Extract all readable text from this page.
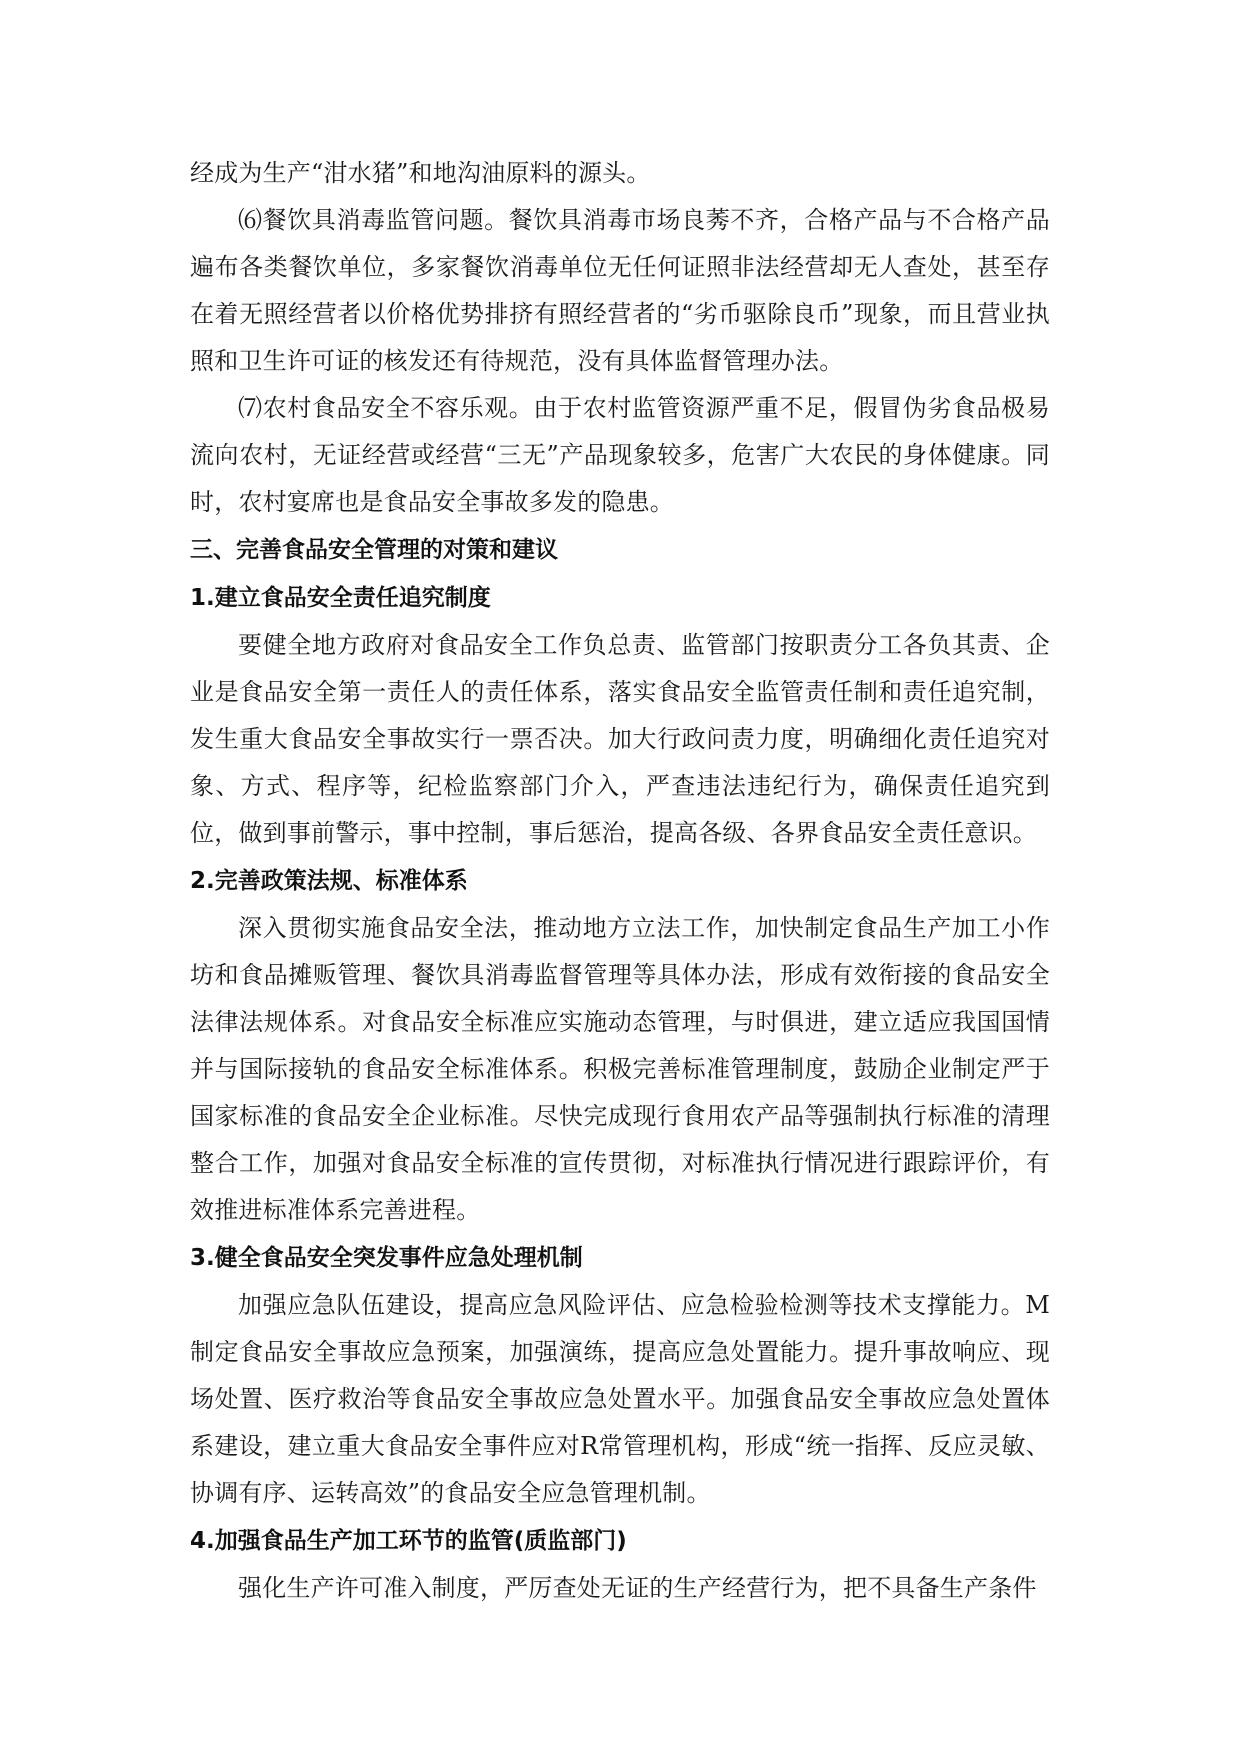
经成为生产“泔水猪”和地沟油原料的源头。

⑹餐饮具消毒监管问题。餐饮具消毒市场良莠不齐，合格产品与不合格产品遍布各类餐饮单位，多家餐饮消毒单位无任何证照非法经营却无人查处，甚至存在着无照经营者以价格优势排挤有照经营者的“劣币驱除良币”现象，而且营业执照和卫生许可证的核发还有待规范，没有具体监督管理办法。

⑺农村食品安全不容乐观。由于农村监管资源严重不足，假冒伪劣食品极易流向农村，无证经营或经营“三无”产品现象较多，危害广大农民的身体健康。同时，农村宴席也是食品安全事故多发的隐患。

三、完善食品安全管理的对策和建议
1.建立食品安全责任追究制度

要健全地方政府对食品安全工作负总责、监管部门按职责分工各负其责、企业是食品安全第一责任人的责任体系，落实食品安全监管责任制和责任追究制，发生重大食品安全事故实行一票否决。加大行政问责力度，明确细化责任追究对象、方式、程序等，纪检监察部门介入，严查违法违纪行为，确保责任追究到位，做到事前警示，事中控制，事后惩治，提高各级、各界食品安全责任意识。

2.完善政策法规、标准体系

深入贯彻实施食品安全法，推动地方立法工作，加快制定食品生产加工小作坊和食品摊贩管理、餐饮具消毒监督管理等具体办法，形成有效衔接的食品安全法律法规体系。对食品安全标准应实施动态管理，与时俱进，建立适应我国国情并与国际接轨的食品安全标准体系。积极完善标准管理制度，鼓励企业制定严于国家标准的食品安全企业标准。尽快完成现行食用农产品等强制执行标准的清理整合工作，加强对食品安全标准的宣传贯彻，对标准执行情况进行跟踪评价，有效推进标准体系完善进程。

3.健全食品安全突发事件应急处理机制

加强应急队伍建设，提高应急风险评估、应急检验检测等技术支撑能力。M制定食品安全事故应急预案，加强演练，提高应急处置能力。提升事故响应、现场处置、医疗救治等食品安全事故应急处置水平。加强食品安全事故应急处置体系建设，建立重大食品安全事件应对R常管理机构，形成“统一指挥、反应灵敏、协调有序、运转高效”的食品安全应急管理机制。

4.加强食品生产加工环节的监管(质监部门)

强化生产许可准入制度，严厉查处无证的生产经营行为，把不具备生产条件
